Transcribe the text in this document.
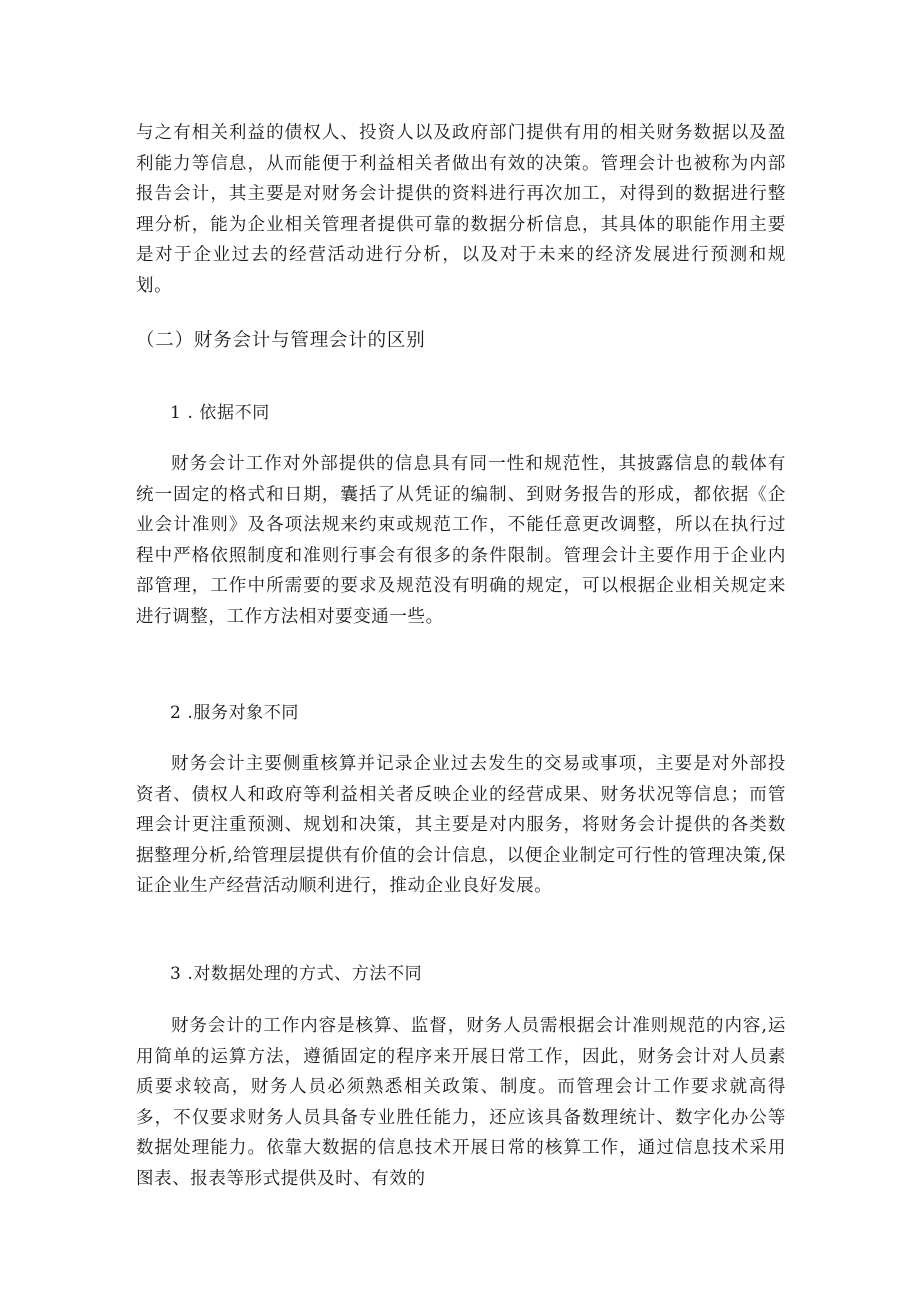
与之有相关利益的债权人、投资人以及政府部门提供有用的相关财务数据以及盈利能力等信息，从而能便于利益相关者做出有效的决策。管理会计也被称为内部报告会计，其主要是对财务会计提供的资料进行再次加工，对得到的数据进行整理分析，能为企业相关管理者提供可靠的数据分析信息，其具体的职能作用主要是对于企业过去的经营活动进行分析，以及对于未来的经济发展进行预测和规划。

（二）财务会计与管理会计的区别

1 . 依据不同

财务会计工作对外部提供的信息具有同一性和规范性，其披露信息的载体有统一固定的格式和日期，囊括了从凭证的编制、到财务报告的形成，都依据《企业会计准则》及各项法规来约束或规范工作，不能任意更改调整，所以在执行过程中严格依照制度和准则行事会有很多的条件限制。管理会计主要作用于企业内部管理，工作中所需要的要求及规范没有明确的规定，可以根据企业相关规定来进行调整，工作方法相对要变通一些。

2 .服务对象不同

财务会计主要侧重核算并记录企业过去发生的交易或事项，主要是对外部投资者、债权人和政府等利益相关者反映企业的经营成果、财务状况等信息；而管理会计更注重预测、规划和决策，其主要是对内服务，将财务会计提供的各类数据整理分析,给管理层提供有价值的会计信息，以便企业制定可行性的管理决策,保证企业生产经营活动顺利进行，推动企业良好发展。

3 .对数据处理的方式、方法不同

财务会计的工作内容是核算、监督，财务人员需根据会计准则规范的内容,运用简单的运算方法，遵循固定的程序来开展日常工作，因此，财务会计对人员素质要求较高，财务人员必须熟悉相关政策、制度。而管理会计工作要求就高得多，不仅要求财务人员具备专业胜任能力，还应该具备数理统计、数字化办公等数据处理能力。依靠大数据的信息技术开展日常的核算工作，通过信息技术采用图表、报表等形式提供及时、有效的
